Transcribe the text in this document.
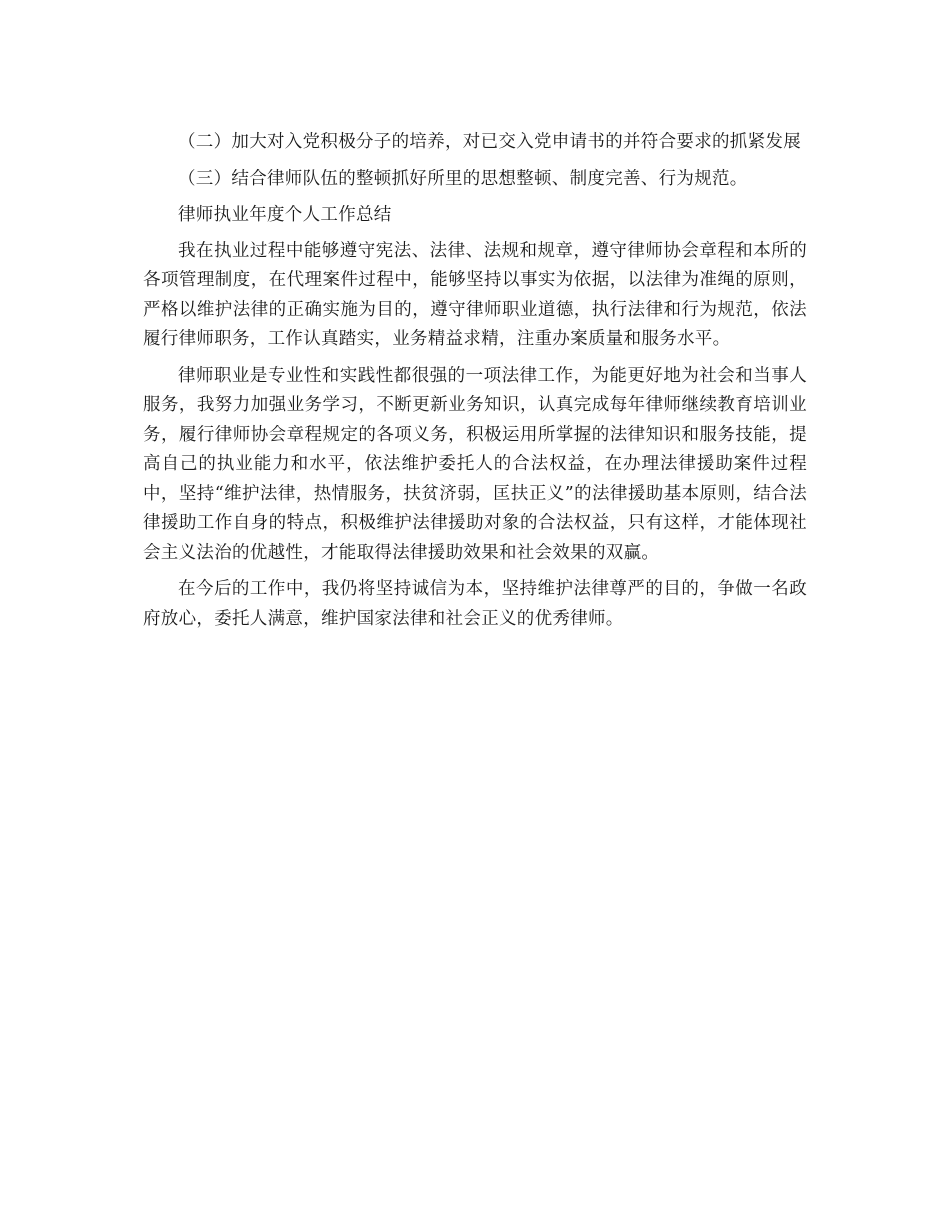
（二）加大对入党积极分子的培养，对已交入党申请书的并符合要求的抓紧发展

（三）结合律师队伍的整顿抓好所里的思想整顿、制度完善、行为规范。

律师执业年度个人工作总结

我在执业过程中能够遵守宪法、法律、法规和规章，遵守律师协会章程和本所的各项管理制度，在代理案件过程中，能够坚持以事实为依据，以法律为准绳的原则，严格以维护法律的正确实施为目的，遵守律师职业道德，执行法律和行为规范，依法履行律师职务，工作认真踏实，业务精益求精，注重办案质量和服务水平。

律师职业是专业性和实践性都很强的一项法律工作，为能更好地为社会和当事人服务，我努力加强业务学习，不断更新业务知识，认真完成每年律师继续教育培训业务，履行律师协会章程规定的各项义务，积极运用所掌握的法律知识和服务技能，提高自己的执业能力和水平，依法维护委托人的合法权益，在办理法律援助案件过程中，坚持“维护法律，热情服务，扶贫济弱，匡扶正义”的法律援助基本原则，结合法律援助工作自身的特点，积极维护法律援助对象的合法权益，只有这样，才能体现社会主义法治的优越性，才能取得法律援助效果和社会效果的双赢。

在今后的工作中，我仍将坚持诚信为本，坚持维护法律尊严的目的，争做一名政府放心，委托人满意，维护国家法律和社会正义的优秀律师。
